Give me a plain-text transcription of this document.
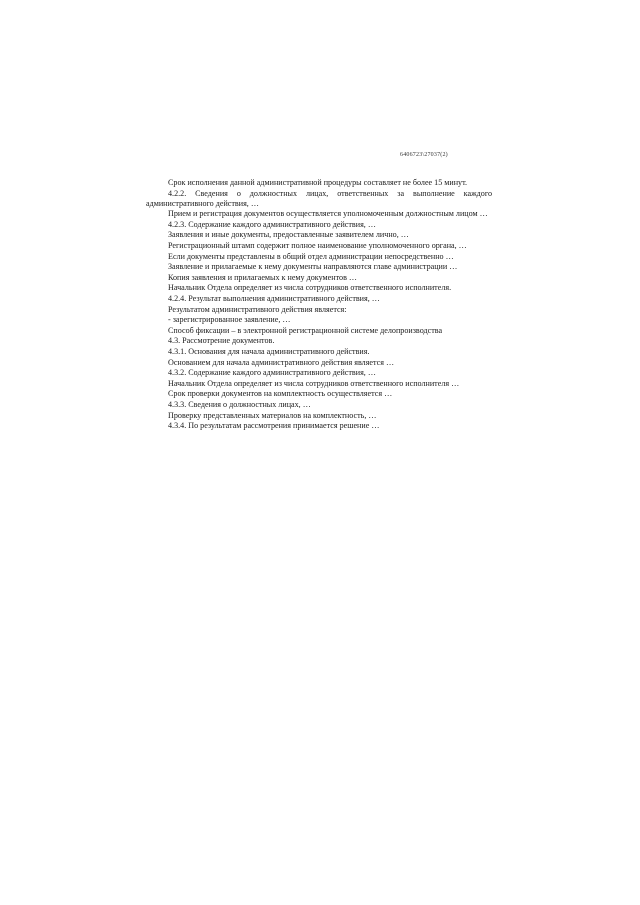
6406723\27037(2)

Срок исполнения данной административной процедуры составляет не более 15 минут.

4.2.2. Сведения о должностных лицах, ответственных за выполнение каждого административного действия, …

Прием и регистрация документов осуществляется уполномоченным должностным лицом …

4.2.3. Содержание каждого административного действия, …

Заявления и иные документы, предоставленные заявителем лично, …

Регистрационный штамп содержит полное наименование уполномоченного органа, …

Если документы представлены в общий отдел администрации непосредственно …

Заявление и прилагаемые к нему документы направляются главе администрации …

Копия заявления и прилагаемых к нему документов …

Начальник Отдела определяет из числа сотрудников ответственного исполнителя.

4.2.4. Результат выполнения административного действия, …

Результатом административного действия является:

- зарегистрированное заявление, …

Способ фиксации – в электронной регистрационной системе делопроизводства

4.3. Рассмотрение документов.

4.3.1. Основания для начала административного действия.

Основанием для начала административного действия является …

4.3.2. Содержание каждого административного действия, …

Начальник Отдела определяет из числа сотрудников ответственного исполнителя …

Срок проверки документов на комплектность осуществляется …

4.3.3. Сведения о должностных лицах, …

Проверку представленных материалов на комплектность, …

4.3.4. По результатам рассмотрения принимается решение …
